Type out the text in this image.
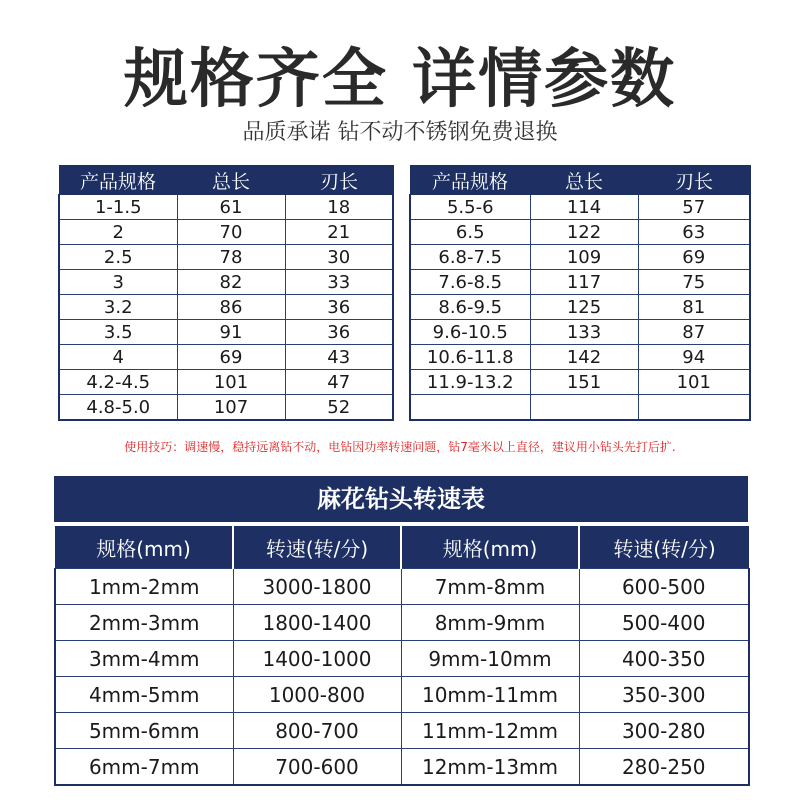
规格齐全 详情参数
品质承诺 钻不动不锈钢免费退换
产品规格	总长	刃长
1-1.5	61	18
2	70	21
2.5	78	30
3	82	33
3.2	86	36
3.5	91	36
4	69	43
4.2-4.5	101	47
4.8-5.0	107	52
产品规格	总长	刃长
5.5-6	114	57
6.5	122	63
6.8-7.5	109	69
7.6-8.5	117	75
8.6-9.5	125	81
9.6-10.5	133	87
10.6-11.8	142	94
11.9-13.2	151	101

使用技巧：调速慢，稳持远离钻不动，电钻因功率转速问题，钻7毫米以上直径，建议用小钻头先打后扩.
麻花钻头转速表
规格(mm)	转速(转/分)	规格(mm)	转速(转/分)
1mm-2mm	3000-1800	7mm-8mm	600-500
2mm-3mm	1800-1400	8mm-9mm	500-400
3mm-4mm	1400-1000	9mm-10mm	400-350
4mm-5mm	1000-800	10mm-11mm	350-300
5mm-6mm	800-700	11mm-12mm	300-280
6mm-7mm	700-600	12mm-13mm	280-250
